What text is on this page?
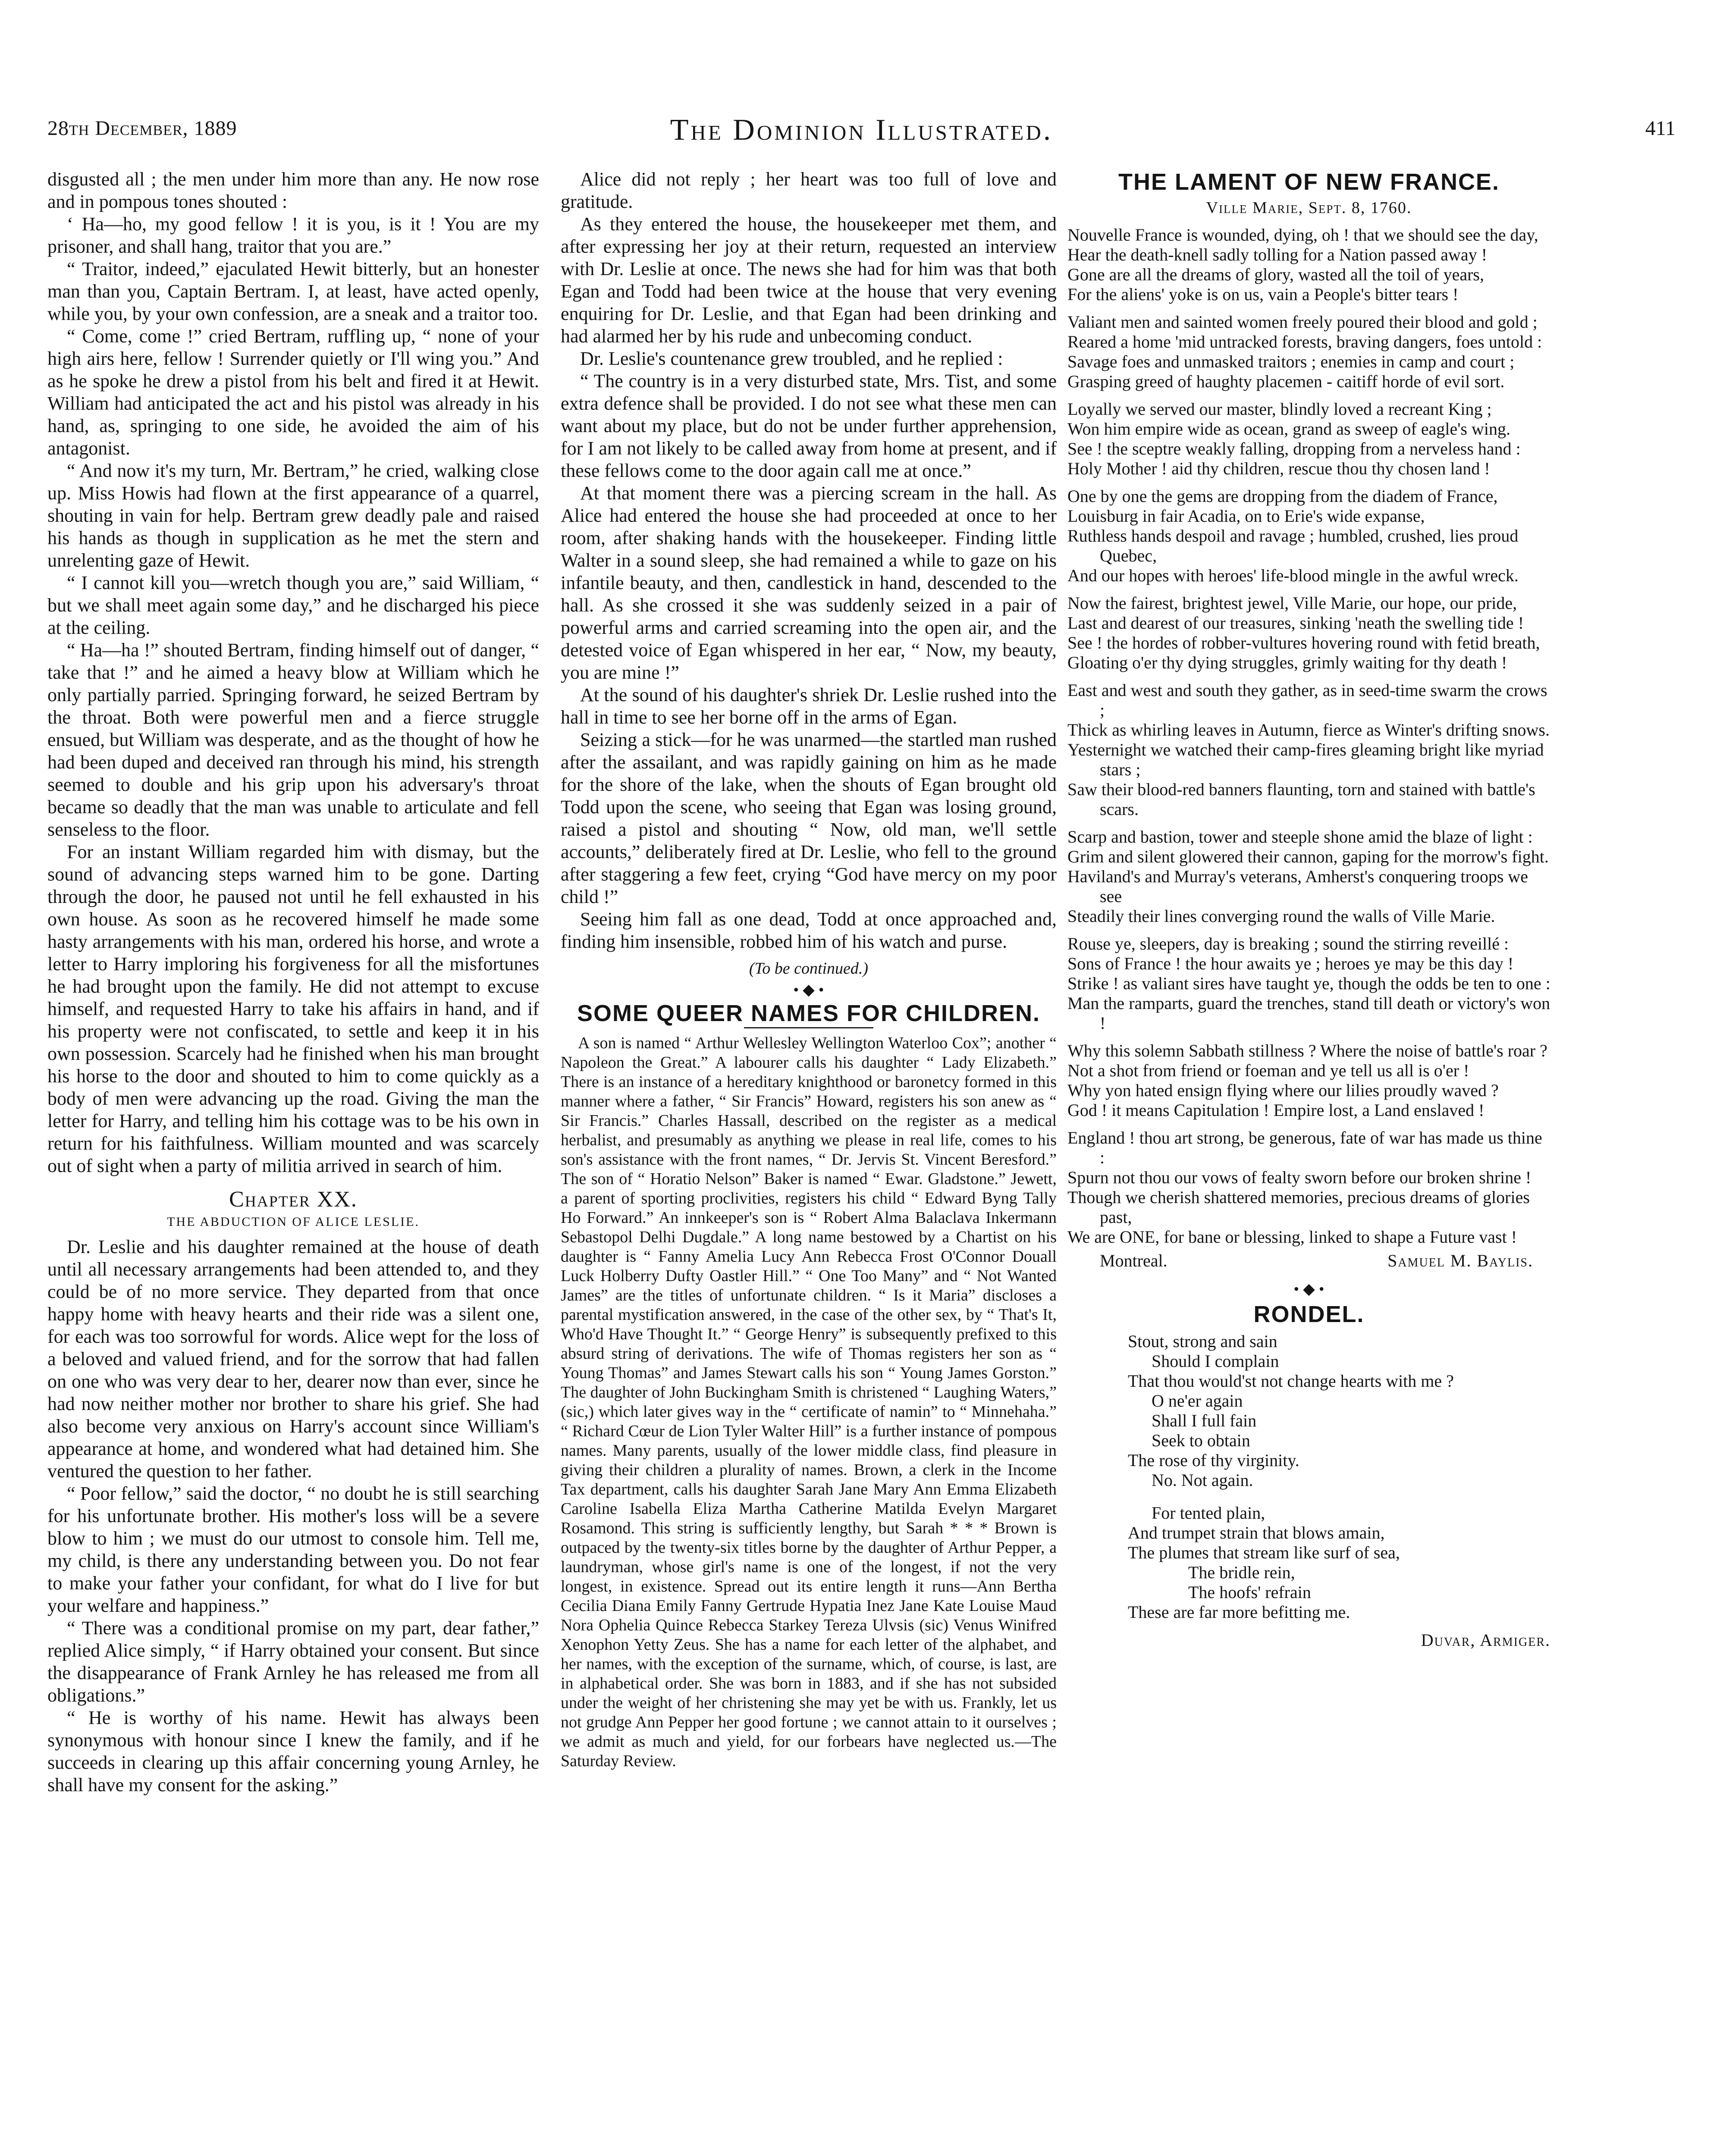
28th December, 1889	The Dominion Illustrated.	411

disgusted all ; the men under him more than any. He now rose and in pompous tones shouted :

‘ Ha—ho, my good fellow ! it is you, is it ! You are my prisoner, and shall hang, traitor that you are.”

“ Traitor, indeed,” ejaculated Hewit bitterly, but an honester man than you, Captain Bertram. I, at least, have acted openly, while you, by your own confession, are a sneak and a traitor too.

“ Come, come !” cried Bertram, ruffling up, “ none of your high airs here, fellow ! Surrender quietly or I'll wing you.” And as he spoke he drew a pistol from his belt and fired it at Hewit. William had anticipated the act and his pistol was already in his hand, as, springing to one side, he avoided the aim of his antagonist.

“ And now it's my turn, Mr. Bertram,” he cried, walking close up. Miss Howis had flown at the first appearance of a quarrel, shouting in vain for help. Bertram grew deadly pale and raised his hands as though in supplication as he met the stern and unrelenting gaze of Hewit.

“ I cannot kill you—wretch though you are,” said William, “ but we shall meet again some day,” and he discharged his piece at the ceiling.

“ Ha—ha !” shouted Bertram, finding himself out of danger, “ take that !” and he aimed a heavy blow at William which he only partially parried. Springing forward, he seized Bertram by the throat. Both were powerful men and a fierce struggle ensued, but William was desperate, and as the thought of how he had been duped and deceived ran through his mind, his strength seemed to double and his grip upon his adversary's throat became so deadly that the man was unable to articulate and fell senseless to the floor.

For an instant William regarded him with dismay, but the sound of advancing steps warned him to be gone. Darting through the door, he paused not until he fell exhausted in his own house. As soon as he recovered himself he made some hasty arrangements with his man, ordered his horse, and wrote a letter to Harry imploring his forgiveness for all the misfortunes he had brought upon the family. He did not attempt to excuse himself, and requested Harry to take his affairs in hand, and if his property were not confiscated, to settle and keep it in his own possession. Scarcely had he finished when his man brought his horse to the door and shouted to him to come quickly as a body of men were advancing up the road. Giving the man the letter for Harry, and telling him his cottage was to be his own in return for his faithfulness. William mounted and was scarcely out of sight when a party of militia arrived in search of him.

Chapter XX.
THE ABDUCTION OF ALICE LESLIE.

Dr. Leslie and his daughter remained at the house of death until all necessary arrangements had been attended to, and they could be of no more service. They departed from that once happy home with heavy hearts and their ride was a silent one, for each was too sorrowful for words. Alice wept for the loss of a beloved and valued friend, and for the sorrow that had fallen on one who was very dear to her, dearer now than ever, since he had now neither mother nor brother to share his grief. She had also become very anxious on Harry's account since William's appearance at home, and wondered what had detained him. She ventured the question to her father.

“ Poor fellow,” said the doctor, “ no doubt he is still searching for his unfortunate brother. His mother's loss will be a severe blow to him ; we must do our utmost to console him. Tell me, my child, is there any understanding between you. Do not fear to make your father your confidant, for what do I live for but your welfare and happiness.”

“ There was a conditional promise on my part, dear father,” replied Alice simply, “ if Harry obtained your consent. But since the disappearance of Frank Arnley he has released me from all obligations.”

“ He is worthy of his name. Hewit has always been synonymous with honour since I knew the family, and if he succeeds in clearing up this affair concerning young Arnley, he shall have my consent for the asking.”

Alice did not reply ; her heart was too full of love and gratitude.

As they entered the house, the housekeeper met them, and after expressing her joy at their return, requested an interview with Dr. Leslie at once. The news she had for him was that both Egan and Todd had been twice at the house that very evening enquiring for Dr. Leslie, and that Egan had been drinking and had alarmed her by his rude and unbecoming conduct.

Dr. Leslie's countenance grew troubled, and he replied :

“ The country is in a very disturbed state, Mrs. Tist, and some extra defence shall be provided. I do not see what these men can want about my place, but do not be under further apprehension, for I am not likely to be called away from home at present, and if these fellows come to the door again call me at once.”

At that moment there was a piercing scream in the hall. As Alice had entered the house she had proceeded at once to her room, after shaking hands with the housekeeper. Finding little Walter in a sound sleep, she had remained a while to gaze on his infantile beauty, and then, candlestick in hand, descended to the hall. As she crossed it she was suddenly seized in a pair of powerful arms and carried screaming into the open air, and the detested voice of Egan whispered in her ear, “ Now, my beauty, you are mine !”

At the sound of his daughter's shriek Dr. Leslie rushed into the hall in time to see her borne off in the arms of Egan.

Seizing a stick—for he was unarmed—the startled man rushed after the assailant, and was rapidly gaining on him as he made for the shore of the lake, when the shouts of Egan brought old Todd upon the scene, who seeing that Egan was losing ground, raised a pistol and shouting “ Now, old man, we'll settle accounts,” deliberately fired at Dr. Leslie, who fell to the ground after staggering a few feet, crying “God have mercy on my poor child !”

Seeing him fall as one dead, Todd at once approached and, finding him insensible, robbed him of his watch and purse.

(To be continued.)
• ◆ •
SOME QUEER NAMES FOR CHILDREN.

A son is named “ Arthur Wellesley Wellington Waterloo Cox”; another “ Napoleon the Great.” A labourer calls his daughter “ Lady Elizabeth.” There is an instance of a hereditary knighthood or baronetcy formed in this manner where a father, “ Sir Francis” Howard, registers his son anew as “ Sir Francis.” Charles Hassall, described on the register as a medical herbalist, and presumably as anything we please in real life, comes to his son's assistance with the front names, “ Dr. Jervis St. Vincent Beresford.” The son of “ Horatio Nelson” Baker is named “ Ewar. Gladstone.” Jewett, a parent of sporting proclivities, registers his child “ Edward Byng Tally Ho Forward.” An innkeeper's son is “ Robert Alma Balaclava Inkermann Sebastopol Delhi Dugdale.” A long name bestowed by a Chartist on his daughter is “ Fanny Amelia Lucy Ann Rebecca Frost O'Connor Douall Luck Holberry Dufty Oastler Hill.” “ One Too Many” and “ Not Wanted James” are the titles of unfortunate children. “ Is it Maria” discloses a parental mystification answered, in the case of the other sex, by “ That's It, Who'd Have Thought It.” “ George Henry” is subsequently prefixed to this absurd string of derivations. The wife of Thomas registers her son as “ Young Thomas” and James Stewart calls his son “ Young James Gorston.” The daughter of John Buckingham Smith is christened “ Laughing Waters,” (sic,) which later gives way in the “ certificate of namin” to “ Minnehaha.” “ Richard Cœur de Lion Tyler Walter Hill” is a further instance of pompous names. Many parents, usually of the lower middle class, find pleasure in giving their children a plurality of names. Brown, a clerk in the Income Tax department, calls his daughter Sarah Jane Mary Ann Emma Elizabeth Caroline Isabella Eliza Martha Catherine Matilda Evelyn Margaret Rosamond. This string is sufficiently lengthy, but Sarah * * * Brown is outpaced by the twenty-six titles borne by the daughter of Arthur Pepper, a laundryman, whose girl's name is one of the longest, if not the very longest, in existence. Spread out its entire length it runs—Ann Bertha Cecilia Diana Emily Fanny Gertrude Hypatia Inez Jane Kate Louise Maud Nora Ophelia Quince Rebecca Starkey Tereza Ulvsis (sic) Venus Winifred Xenophon Yetty Zeus. She has a name for each letter of the alphabet, and her names, with the exception of the surname, which, of course, is last, are in alphabetical order. She was born in 1883, and if she has not subsided under the weight of her christening she may yet be with us. Frankly, let us not grudge Ann Pepper her good fortune ; we cannot attain to it ourselves ; we admit as much and yield, for our forbears have neglected us.—The Saturday Review.

THE LAMENT OF NEW FRANCE.
Ville Marie, Sept. 8, 1760.
Nouvelle France is wounded, dying, oh ! that we should see the day,
Hear the death-knell sadly tolling for a Nation passed away !
Gone are all the dreams of glory, wasted all the toil of years,
For the aliens' yoke is on us, vain a People's bitter tears !
Valiant men and sainted women freely poured their blood and gold ;
Reared a home 'mid untracked forests, braving dangers, foes untold :
Savage foes and unmasked traitors ; enemies in camp and court ;
Grasping greed of haughty placemen - caitiff horde of evil sort.
Loyally we served our master, blindly loved a recreant King ;
Won him empire wide as ocean, grand as sweep of eagle's wing.
See ! the sceptre weakly falling, dropping from a nerveless hand :
Holy Mother ! aid thy children, rescue thou thy chosen land !
One by one the gems are dropping from the diadem of France,
Louisburg in fair Acadia, on to Erie's wide expanse,
Ruthless hands despoil and ravage ; humbled, crushed, lies proud Quebec,
And our hopes with heroes' life-blood mingle in the awful wreck.
Now the fairest, brightest jewel, Ville Marie, our hope, our pride,
Last and dearest of our treasures, sinking 'neath the swelling tide !
See ! the hordes of robber-vultures hovering round with fetid breath,
Gloating o'er thy dying struggles, grimly waiting for thy death !
East and west and south they gather, as in seed-time swarm the crows ;
Thick as whirling leaves in Autumn, fierce as Winter's drifting snows.
Yesternight we watched their camp-fires gleaming bright like myriad stars ;
Saw their blood-red banners flaunting, torn and stained with battle's scars.
Scarp and bastion, tower and steeple shone amid the blaze of light :
Grim and silent glowered their cannon, gaping for the morrow's fight.
Haviland's and Murray's veterans, Amherst's conquering troops we see
Steadily their lines converging round the walls of Ville Marie.
Rouse ye, sleepers, day is breaking ; sound the stirring reveillé :
Sons of France ! the hour awaits ye ; heroes ye may be this day !
Strike ! as valiant sires have taught ye, though the odds be ten to one :
Man the ramparts, guard the trenches, stand till death or victory's won !
Why this solemn Sabbath stillness ? Where the noise of battle's roar ?
Not a shot from friend or foeman and ye tell us all is o'er !
Why yon hated ensign flying where our lilies proudly waved ?
God ! it means Capitulation ! Empire lost, a Land enslaved !
England ! thou art strong, be generous, fate of war has made us thine :
Spurn not thou our vows of fealty sworn before our broken shrine !
Though we cherish shattered memories, precious dreams of glories past,
We are ONE, for bane or blessing, linked to shape a Future vast !
Montreal.	Samuel M. Baylis.
• ◆ •
RONDEL.
Stout, strong and sain
Should I complain
That thou would'st not change hearts with me ?
O ne'er again
Shall I full fain
Seek to obtain
The rose of thy virginity.
No. Not again.
For tented plain,
And trumpet strain that blows amain,
The plumes that stream like surf of sea,
The bridle rein,
The hoofs' refrain
These are far more befitting me.
Duvar, Armiger.
